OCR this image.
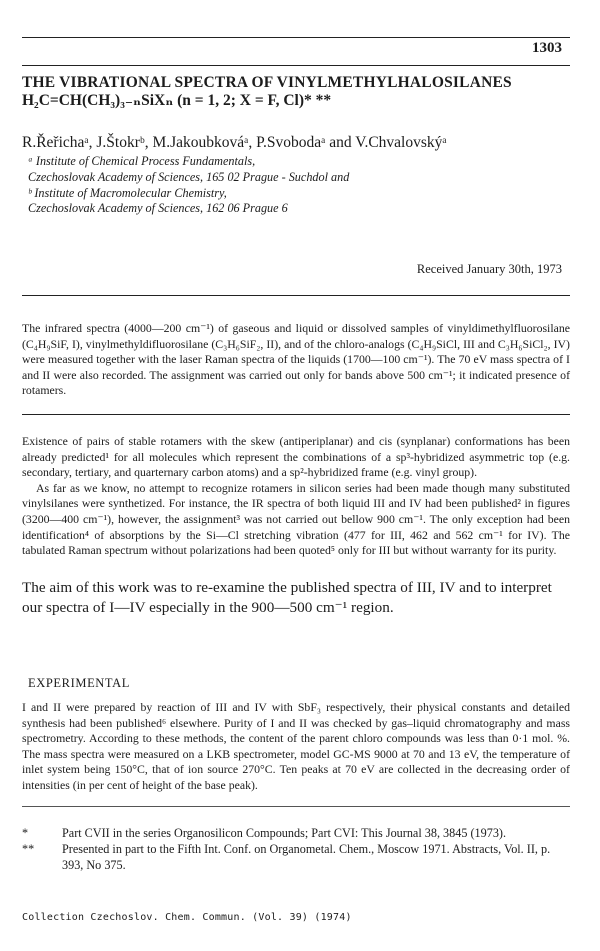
1303
THE VIBRATIONAL SPECTRA OF VINYLMETHYLHALOSILANES
H₂C=CH(CH₃)₃₋ₙSiXₙ (n = 1, 2; X = F, Cl)* **
R.Řeřichaᵃ, J.Štokrᵇ, M.Jakoubkováᵃ, P.Svobodaᵃ and V.Chvalovskýᵃ
ᵃ Institute of Chemical Process Fundamentals,
Czechoslovak Academy of Sciences, 165 02 Prague - Suchdol and
ᵇ Institute of Macromolecular Chemistry,
Czechoslovak Academy of Sciences, 162 06 Prague 6
Received January 30th, 1973
The infrared spectra (4000—200 cm⁻¹) of gaseous and liquid or dissolved samples of vinyldimethylfluorosilane (C₄H₉SiF, I), vinylmethyldifluorosilane (C₃H₆SiF₂, II), and of the chloro-analogs (C₄H₉SiCl, III and C₃H₆SiCl₂, IV) were measured together with the laser Raman spectra of the liquids (1700—100 cm⁻¹). The 70 eV mass spectra of I and II were also recorded. The assignment was carried out only for bands above 500 cm⁻¹; it indicated presence of rotamers.

Existence of pairs of stable rotamers with the skew (antiperiplanar) and cis (synplanar) conformations has been already predicted¹ for all molecules which represent the combinations of a sp³-hybridized asymmetric top (e.g. secondary, tertiary, and quarternary carbon atoms) and a sp²-hybridized frame (e.g. vinyl group).

As far as we know, no attempt to recognize rotamers in silicon series had been made though many substituted vinylsilanes were synthetized. For instance, the IR spectra of both liquid III and IV had been published² in figures (3200—400 cm⁻¹), however, the assignment³ was not carried out bellow 900 cm⁻¹. The only exception had been identification⁴ of absorptions by the Si—Cl stretching vibration (477 for III, 462 and 562 cm⁻¹ for IV). The tabulated Raman spectrum without polarizations had been quoted⁵ only for III but without warranty for its purity.

The aim of this work was to re-examine the published spectra of III, IV and to interpret our spectra of I—IV especially in the 900—500 cm⁻¹ region.
EXPERIMENTAL
I and II were prepared by reaction of III and IV with SbF₃ respectively, their physical constants and detailed synthesis had been published⁶ elsewhere. Purity of I and II was checked by gas–liquid chromatography and mass spectrometry. According to these methods, the content of the parent chloro compounds was less than 0·1 mol. %. The mass spectra were measured on a LKB spectrometer, model GC-MS 9000 at 70 and 13 eV, the temperature of inlet system being 150°C, that of ion source 270°C. Ten peaks at 70 eV are collected in the decreasing order of intensities (in per cent of height of the base peak).
*	Part CVII in the series Organosilicon Compounds; Part CVI: This Journal 38, 3845 (1973).
**	Presented in part to the Fifth Int. Conf. on Organometal. Chem., Moscow 1971. Abstracts, Vol. II, p. 393, No 375.
Collection Czechoslov. Chem. Commun. (Vol. 39) (1974)
